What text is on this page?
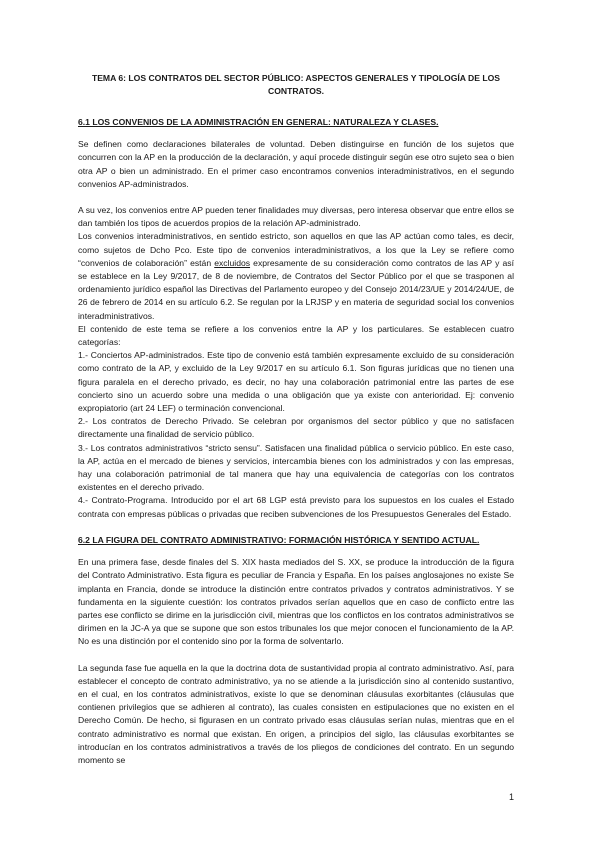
TEMA 6: LOS CONTRATOS DEL SECTOR PÚBLICO: ASPECTOS GENERALES Y TIPOLOGÍA DE LOS CONTRATOS.
6.1 LOS CONVENIOS DE LA ADMINISTRACIÓN EN GENERAL: NATURALEZA Y CLASES.

Se definen como declaraciones bilaterales de voluntad. Deben distinguirse en función de los sujetos que concurren con la AP en la producción de la declaración, y aquí procede distinguir según ese otro sujeto sea o bien otra AP o bien un administrado. En el primer caso encontramos convenios interadministrativos, en el segundo convenios AP-administrados.

A su vez, los convenios entre AP pueden tener finalidades muy diversas, pero interesa observar que entre ellos se dan también los tipos de acuerdos propios de la relación AP-administrado.

Los convenios interadministrativos, en sentido estricto, son aquellos en que las AP actúan como tales, es decir, como sujetos de Dcho Pco. Este tipo de convenios interadministrativos, a los que la Ley se refiere como “convenios de colaboración” están excluidos expresamente de su consideración como contratos de las AP y así se establece en la Ley 9/2017, de 8 de noviembre, de Contratos del Sector Público por el que se trasponen al ordenamiento jurídico español las Directivas del Parlamento europeo y del Consejo 2014/23/UE y 2014/24/UE, de 26 de febrero de 2014 en su artículo 6.2. Se regulan por la LRJSP y en materia de seguridad social los convenios interadministrativos.

El contenido de este tema se refiere a los convenios entre la AP y los particulares. Se establecen cuatro categorías:

1.- Conciertos AP-administrados. Este tipo de convenio está también expresamente excluido de su consideración como contrato de la AP, y excluido de la Ley 9/2017 en su artículo 6.1. Son figuras jurídicas que no tienen una figura paralela en el derecho privado, es decir, no hay una colaboración patrimonial entre las partes de ese concierto sino un acuerdo sobre una medida o una obligación que ya existe con anterioridad. Ej: convenio expropiatorio (art 24 LEF) o terminación convencional.

2.- Los contratos de Derecho Privado. Se celebran por organismos del sector público y que no satisfacen directamente una finalidad de servicio público.

3.- Los contratos administrativos “stricto sensu”. Satisfacen una finalidad pública o servicio público. En este caso, la AP, actúa en el mercado de bienes y servicios, intercambia bienes con los administrados y con las empresas, hay una colaboración patrimonial de tal manera que hay una equivalencia de categorías con los contratos existentes en el derecho privado.

4.- Contrato-Programa. Introducido por el art 68 LGP está previsto para los supuestos en los cuales el Estado contrata con empresas públicas o privadas que reciben subvenciones de los Presupuestos Generales del Estado.

6.2 LA FIGURA DEL CONTRATO ADMINISTRATIVO: FORMACIÓN HISTÓRICA Y SENTIDO ACTUAL.

En una primera fase, desde finales del S. XIX hasta mediados del S. XX, se produce la introducción de la figura del Contrato Administrativo. Esta figura es peculiar de Francia y España. En los países anglosajones no existe Se implanta en Francia, donde se introduce la distinción entre contratos privados y contratos administrativos. Y se fundamenta en la siguiente cuestión: los contratos privados serían aquellos que en caso de conflicto entre las partes ese conflicto se dirime en la jurisdicción civil, mientras que los conflictos en los contratos administrativos se dirimen en la JC-A ya que se supone que son estos tribunales los que mejor conocen el funcionamiento de la AP. No es una distinción por el contenido sino por la forma de solventarlo.

La segunda fase fue aquella en la que la doctrina dota de sustantividad propia al contrato administrativo. Así, para establecer el concepto de contrato administrativo, ya no se atiende a la jurisdicción sino al contenido sustantivo, en el cual, en los contratos administrativos, existe lo que se denominan cláusulas exorbitantes (cláusulas que contienen privilegios que se adhieren al contrato), las cuales consisten en estipulaciones que no existen en el Derecho Común. De hecho, si figurasen en un contrato privado esas cláusulas serían nulas, mientras que en el contrato administrativo es normal que existan. En origen, a principios del siglo, las cláusulas exorbitantes se introducían en los contratos administrativos a través de los pliegos de condiciones del contrato. En un segundo momento se

1
